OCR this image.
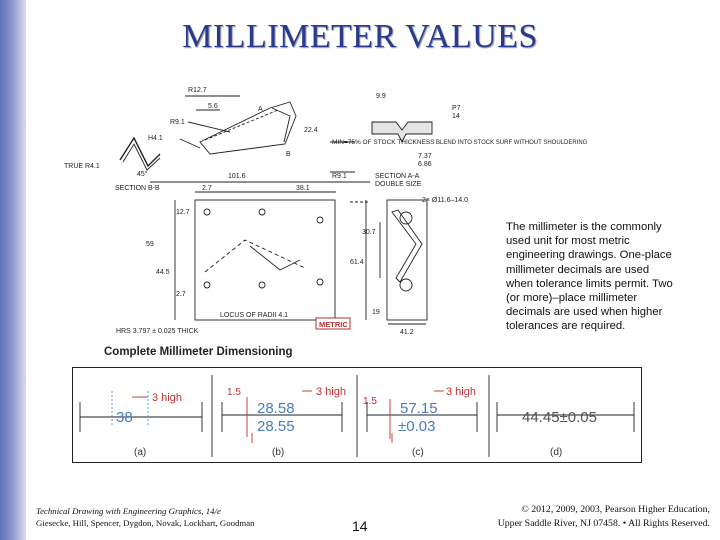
MILLIMETER VALUES
R12.7
5.6
R9.1
A
22.4
H4.1
TRUE R4.1
45°
B
SECTION B-B	2.7
101.6
38.1
MIN=75% OF STOCK THICKNESS
R9.1
9.9
P7
14
BLEND INTO STOCK SURF WITHOUT SHOULDERING
7.37
6.86
SECTION A-A
DOUBLE SIZE
2× Ø11.6–14.0
12.7
59
44.5
2.7
30.7
61.4
19
41.2
LOCUS OF RADII 4.1
HRS 3.797 ± 0.025 THICK
METRIC
Complete Millimeter Dimensioning
The millimeter is the commonly used unit for most metric engineering drawings. One-place millimeter decimals are used when tolerance limits permit. Two (or more)–place millimeter decimals are used when higher tolerances are required.
3 high
38
(a)
1.5	3 high
28.58
28.55
(b)
1.5
3 high
57.15
±0.03
(c)
44.45±0.05
(d)
Technical Drawing with Engineering Graphics, 14/e
Giesecke, Hill, Spencer, Dygdon, Novak, Lockhart, Goodman	14
© 2012, 2009, 2003, Pearson Higher Education,
Upper Saddle River, NJ 07458. • All Rights Reserved.
